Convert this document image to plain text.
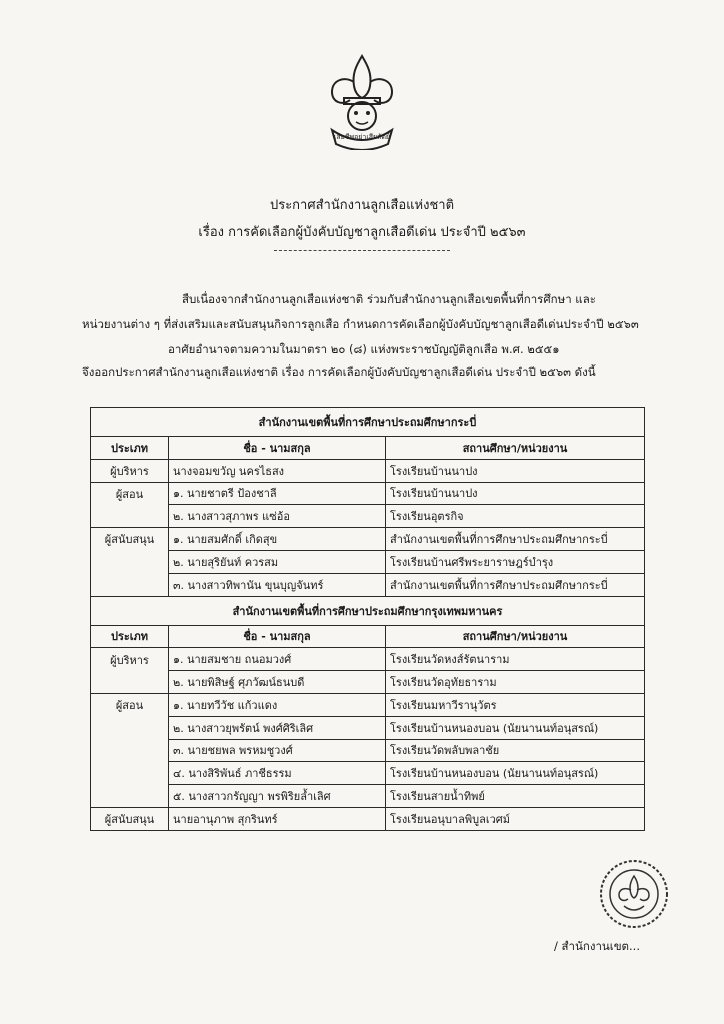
เสียชีพอย่าเสียสัตย์
ประกาศสำนักงานลูกเสือแห่งชาติ
เรื่อง การคัดเลือกผู้บังคับบัญชาลูกเสือดีเด่น ประจำปี ๒๕๖๓
สืบเนื่องจากสำนักงานลูกเสือแห่งชาติ ร่วมกับสำนักงานลูกเสือเขตพื้นที่การศึกษา และ
หน่วยงานต่าง ๆ ที่ส่งเสริมและสนับสนุนกิจการลูกเสือ กำหนดการคัดเลือกผู้บังคับบัญชาลูกเสือดีเด่นประจำปี ๒๕๖๓
อาศัยอำนาจตามความในมาตรา ๒๐ (๘) แห่งพระราชบัญญัติลูกเสือ พ.ศ. ๒๕๕๑
จึงออกประกาศสำนักงานลูกเสือแห่งชาติ เรื่อง การคัดเลือกผู้บังคับบัญชาลูกเสือดีเด่น ประจำปี ๒๕๖๓ ดังนี้
สำนักงานเขตพื้นที่การศึกษาประถมศึกษากระบี่		
ประเภท	ชื่อ - นามสกุล	สถานศึกษา/หน่วยงาน
ผู้บริหาร	นางจอมขวัญ นครไธสง	โรงเรียนบ้านนาปง
ผู้สอน	๑. นายชาตรี ป้องชาลี	โรงเรียนบ้านนาปง
	๒. นางสาวสุภาพร แซ่อ้อ	โรงเรียนอุตรกิจ
ผู้สนับสนุน	๑. นายสมศักดิ์ เกิดสุข	สำนักงานเขตพื้นที่การศึกษาประถมศึกษากระบี่
	๒. นายสุริยันท์ ควรสม	โรงเรียนบ้านศรีพระยาราษฎร์บำรุง
	๓. นางสาวทิพานัน ขุนบุญจันทร์	สำนักงานเขตพื้นที่การศึกษาประถมศึกษากระบี่
สำนักงานเขตพื้นที่การศึกษาประถมศึกษากรุงเทพมหานคร		
ประเภท	ชื่อ - นามสกุล	สถานศึกษา/หน่วยงาน
ผู้บริหาร	๑. นายสมชาย ถนอมวงศ์	โรงเรียนวัดหงส์รัตนาราม
	๒. นายพิสิษฐ์ ศุภวัฒน์ธนบดี	โรงเรียนวัดอุทัยธาราม
ผู้สอน	๑. นายทวีวัช แก้วแดง	โรงเรียนมหาวีรานุวัตร
	๒. นางสาวยุพรัตน์ พงศ์ศิริเลิศ	โรงเรียนบ้านหนองบอน (นัยนานนท์อนุสรณ์)
	๓. นายชยพล พรหมชูวงศ์	โรงเรียนวัดพลับพลาชัย
	๔. นางสิริพันธ์ ภาชีธรรม	โรงเรียนบ้านหนองบอน (นัยนานนท์อนุสรณ์)
	๕. นางสาวกรัญญา พรพิริยล้ำเลิศ	โรงเรียนสายน้ำทิพย์
ผู้สนับสนุน	นายอานุภาพ สุกรินทร์	โรงเรียนอนุบาลพิบูลเวศม์
/ สำนักงานเขต...
